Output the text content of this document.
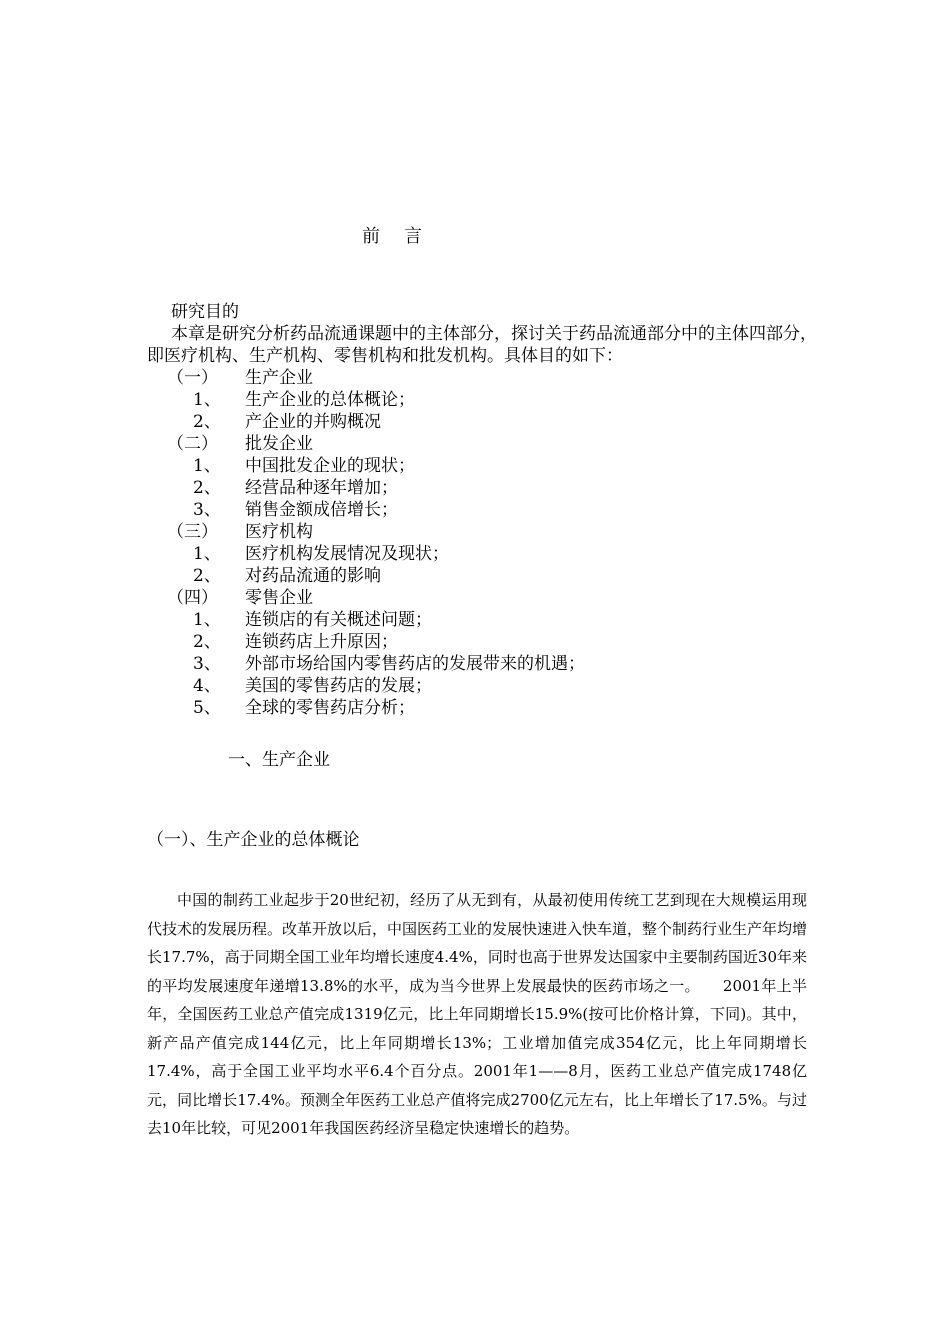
前 言
研究目的
本章是研究分析药品流通课题中的主体部分，探讨关于药品流通部分中的主体四部分，即医疗机构、生产机构、零售机构和批发机构。具体目的如下：
（一）	生产企业
1、	生产企业的总体概论；
2、	产企业的并购概况
（二）	批发企业
1、	中国批发企业的现状；
2、	经营品种逐年增加；
3、	销售金额成倍增长；
（三）	医疗机构
1、	医疗机构发展情况及现状；
2、	对药品流通的影响
（四）	零售企业
1、	连锁店的有关概述问题；
2、	连锁药店上升原因；
3、	外部市场给国内零售药店的发展带来的机遇；
4、	美国的零售药店的发展；
5、	全球的零售药店分析；
一、生产企业
（一）、生产企业的总体概论
中国的制药工业起步于20世纪初，经历了从无到有，从最初使用传统工艺到现在大规模运用现代技术的发展历程。改革开放以后，中国医药工业的发展快速进入快车道，整个制药行业生产年均增长17.7%，高于同期全国工业年均增长速度4.4%，同时也高于世界发达国家中主要制药国近30年来的平均发展速度年递增13.8%的水平，成为当今世界上发展最快的医药市场之一。　　2001年上半年，全国医药工业总产值完成1319亿元，比上年同期增长15.9%(按可比价格计算，下同)。其中，新产品产值完成144亿元，比上年同期增长13%；工业增加值完成354亿元，比上年同期增长17.4%，高于全国工业平均水平6.4个百分点。2001年1——8月，医药工业总产值完成1748亿元，同比增长17.4%。预测全年医药工业总产值将完成2700亿元左右，比上年增长了17.5%。与过去10年比较，可见2001年我国医药经济呈稳定快速增长的趋势。
